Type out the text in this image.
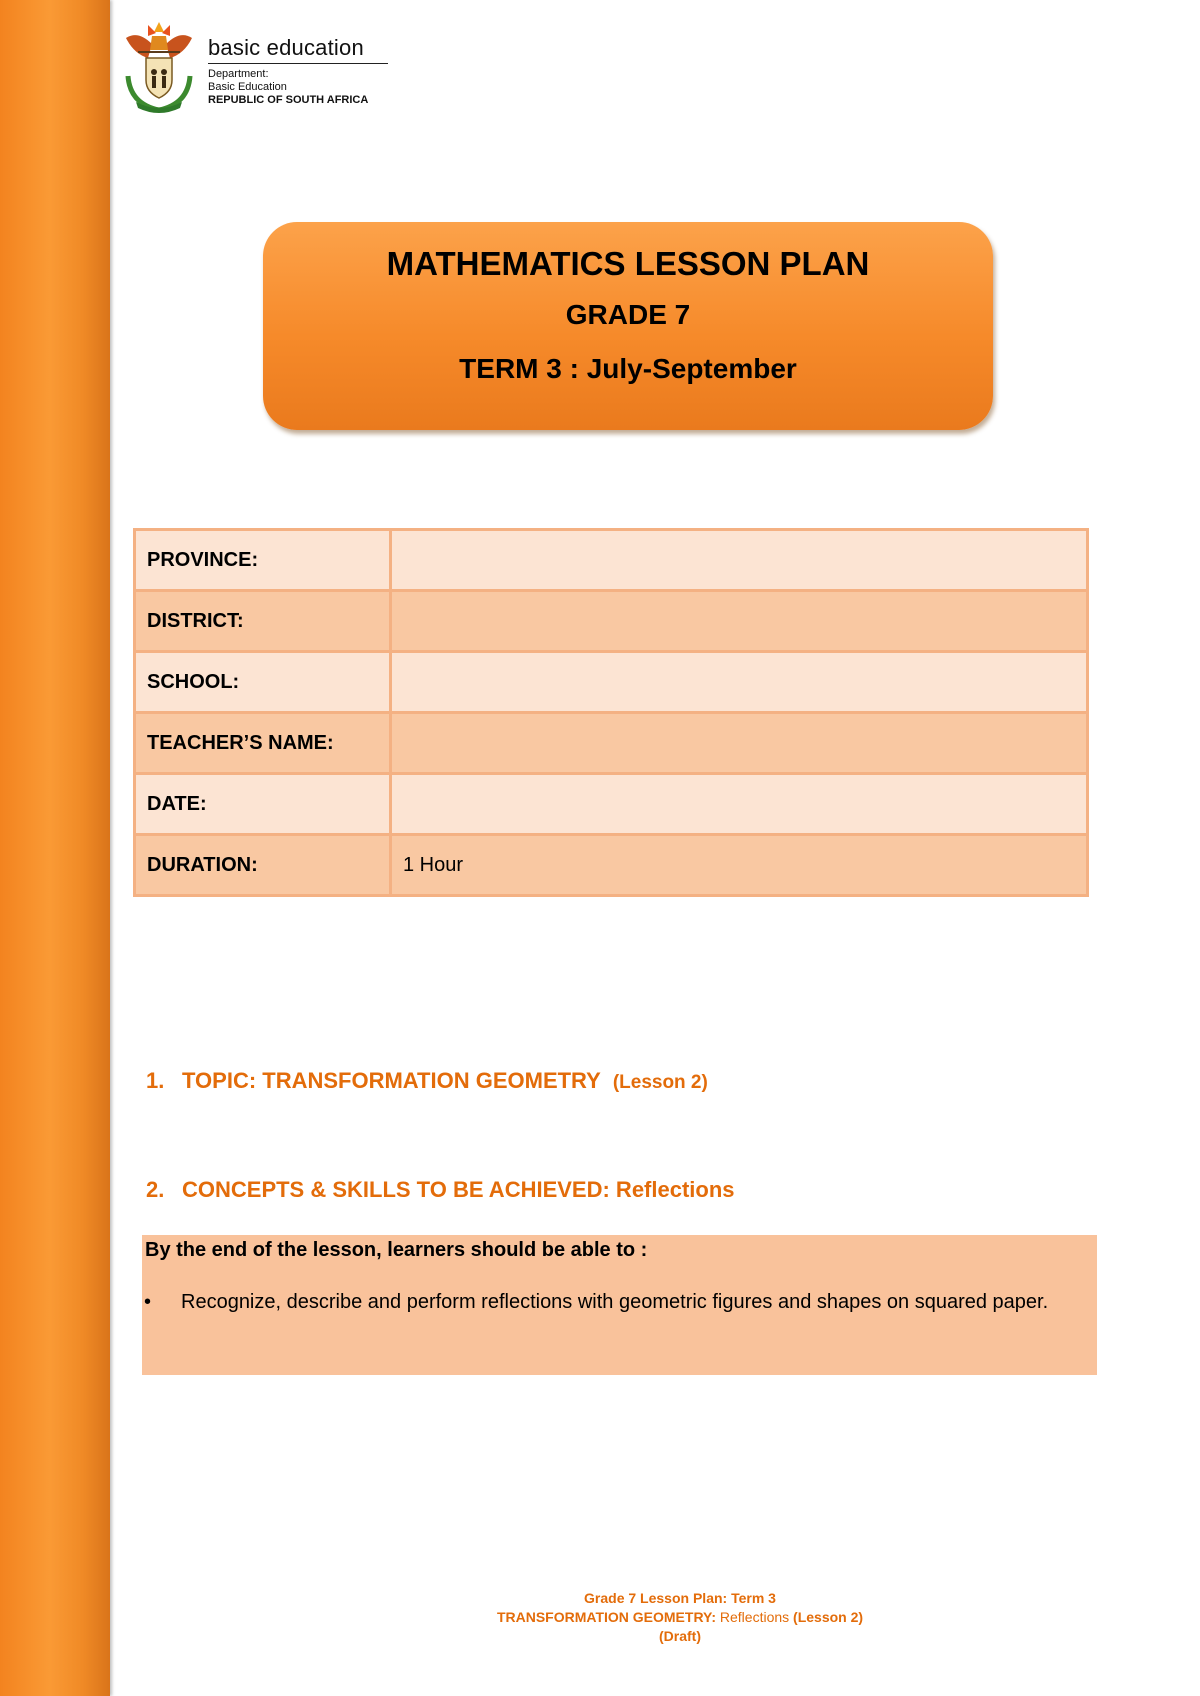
basic education
Department:
Basic Education
REPUBLIC OF SOUTH AFRICA
MATHEMATICS LESSON PLAN
GRADE 7
TERM 3 : July-September
PROVINCE:	
DISTRICT:	
SCHOOL:	
TEACHER’S NAME:	
DATE:	
DURATION:	1 Hour
1. TOPIC: TRANSFORMATION GEOMETRY (Lesson 2)
2. CONCEPTS & SKILLS TO BE ACHIEVED: Reflections
By the end of the lesson, learners should be able to :
• Recognize, describe and perform reflections with geometric figures and shapes on squared paper.
Grade 7 Lesson Plan: Term 3
TRANSFORMATION GEOMETRY: Reflections (Lesson 2)
(Draft)
